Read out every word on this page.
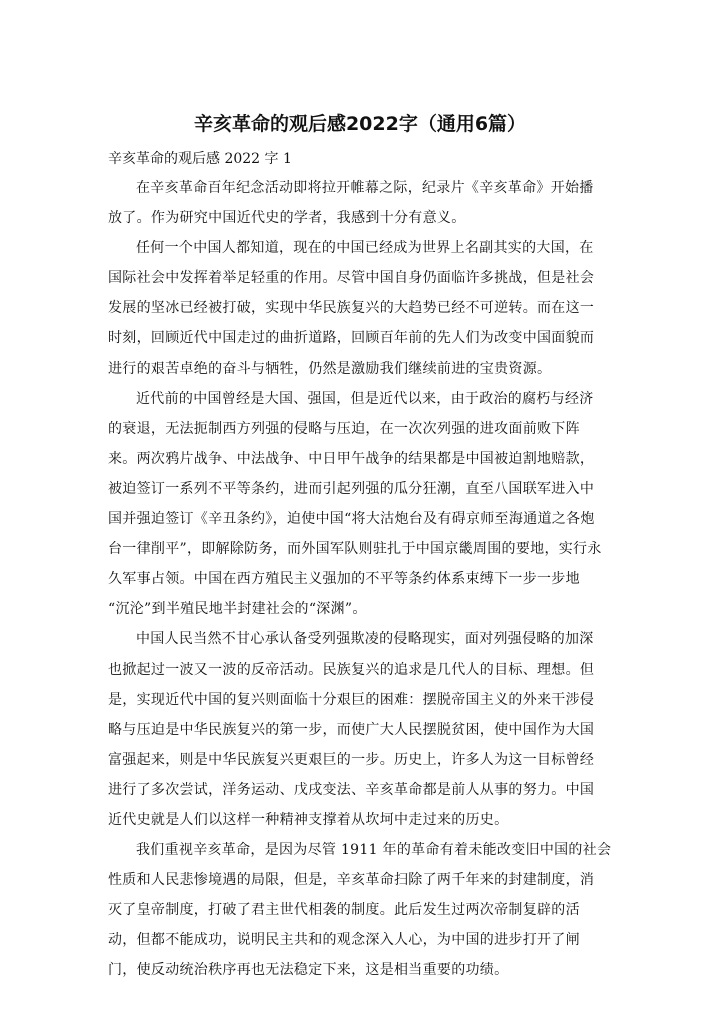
辛亥革命的观后感2022字（通用6篇）

辛亥革命的观后感 2022 字 1

在辛亥革命百年纪念活动即将拉开帷幕之际，纪录片《辛亥革命》开始播
放了。作为研究中国近代史的学者，我感到十分有意义。

任何一个中国人都知道，现在的中国已经成为世界上名副其实的大国，在
国际社会中发挥着举足轻重的作用。尽管中国自身仍面临许多挑战，但是社会
发展的坚冰已经被打破，实现中华民族复兴的大趋势已经不可逆转。而在这一
时刻，回顾近代中国走过的曲折道路，回顾百年前的先人们为改变中国面貌而
进行的艰苦卓绝的奋斗与牺牲，仍然是激励我们继续前进的宝贵资源。

近代前的中国曾经是大国、强国，但是近代以来，由于政治的腐朽与经济
的衰退，无法扼制西方列强的侵略与压迫，在一次次列强的进攻面前败下阵
来。两次鸦片战争、中法战争、中日甲午战争的结果都是中国被迫割地赔款，
被迫签订一系列不平等条约，进而引起列强的瓜分狂潮，直至八国联军进入中
国并强迫签订《辛丑条约》，迫使中国“将大沽炮台及有碍京师至海通道之各炮
台一律削平”，即解除防务，而外国军队则驻扎于中国京畿周围的要地，实行永
久军事占领。中国在西方殖民主义强加的不平等条约体系束缚下一步一步地
“沉沦”到半殖民地半封建社会的“深渊”。

中国人民当然不甘心承认备受列强欺凌的侵略现实，面对列强侵略的加深
也掀起过一波又一波的反帝活动。民族复兴的追求是几代人的目标、理想。但
是，实现近代中国的复兴则面临十分艰巨的困难：摆脱帝国主义的外来干涉侵
略与压迫是中华民族复兴的第一步，而使广大人民摆脱贫困，使中国作为大国
富强起来，则是中华民族复兴更艰巨的一步。历史上，许多人为这一目标曾经
进行了多次尝试，洋务运动、戊戌变法、辛亥革命都是前人从事的努力。中国
近代史就是人们以这样一种精神支撑着从坎坷中走过来的历史。

我们重视辛亥革命，是因为尽管 1911 年的革命有着未能改变旧中国的社会
性质和人民悲惨境遇的局限，但是，辛亥革命扫除了两千年来的封建制度，消
灭了皇帝制度，打破了君主世代相袭的制度。此后发生过两次帝制复辟的活
动，但都不能成功，说明民主共和的观念深入人心，为中国的进步打开了闸
门，使反动统治秩序再也无法稳定下来，这是相当重要的功绩。
